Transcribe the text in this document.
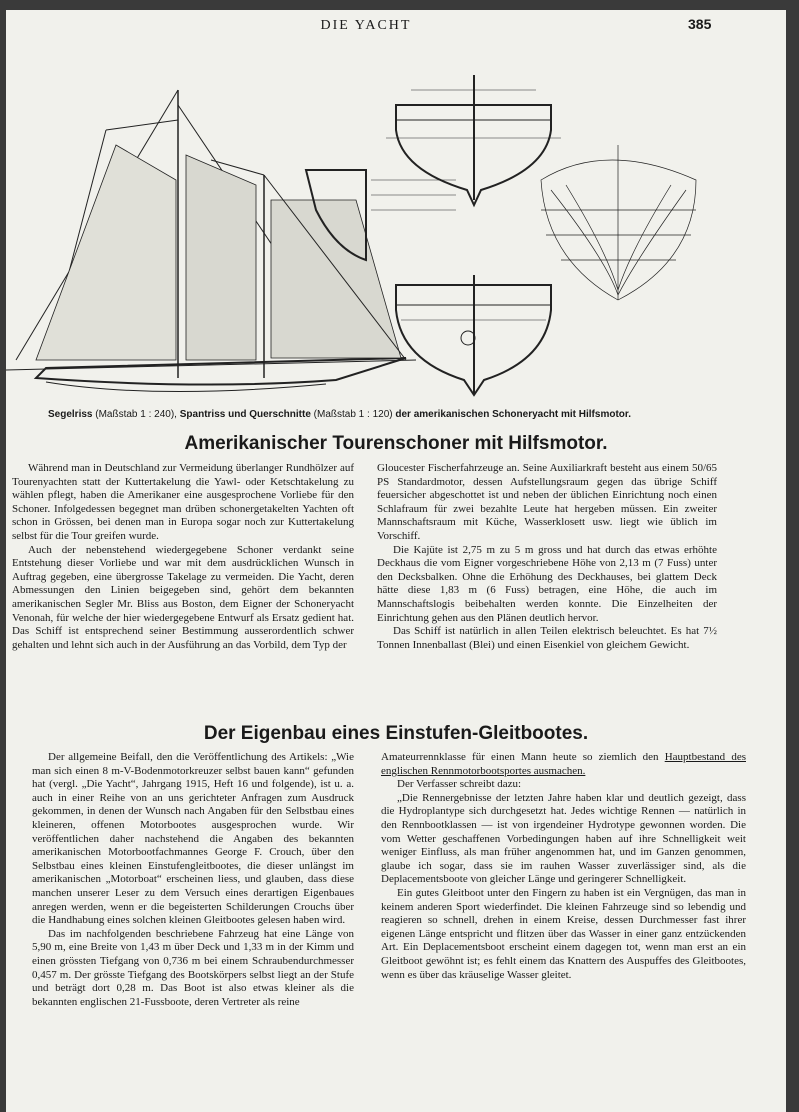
DIE YACHT	385
Segelriss (Maßstab 1 : 240), Spantriss und Querschnitte (Maßstab 1 : 120) der amerikanischen Schoneryacht mit Hilfsmotor.
Amerikanischer Tourenschoner mit Hilfsmotor.

Während man in Deutschland zur Vermeidung überlanger Rundhölzer auf Tourenyachten statt der Kuttertakelung die Yawl- oder Ketschtakelung zu wählen pflegt, haben die Amerikaner eine ausgesprochene Vorliebe für den Schoner. Infolgedessen begegnet man drüben schonergetakelten Yachten oft schon in Grössen, bei denen man in Europa sogar noch zur Kuttertakelung selbst für die Tour greifen wurde.

Auch der nebenstehend wiedergegebene Schoner verdankt seine Entstehung dieser Vorliebe und war mit dem ausdrücklichen Wunsch in Auftrag gegeben, eine übergrosse Takelage zu vermeiden. Die Yacht, deren Abmessungen den Linien beigegeben sind, gehört dem bekannten amerikanischen Segler Mr. Bliss aus Boston, dem Eigner der Schoneryacht Venonah, für welche der hier wiedergegebene Entwurf als Ersatz gedient hat. Das Schiff ist entsprechend seiner Bestimmung ausserordentlich schwer gehalten und lehnt sich auch in der Ausführung an das Vorbild, dem Typ der

Gloucester Fischerfahrzeuge an. Seine Auxiliarkraft besteht aus einem 50/65 PS Standardmotor, dessen Aufstellungsraum gegen das übrige Schiff feuersicher abgeschottet ist und neben der üblichen Einrichtung noch einen Schlafraum für zwei bezahlte Leute hat hergeben müssen. Ein zweiter Mannschaftsraum mit Küche, Wasserklosett usw. liegt wie üblich im Vorschiff.

Die Kajüte ist 2,75 m zu 5 m gross und hat durch das etwas erhöhte Deckhaus die vom Eigner vorgeschriebene Höhe von 2,13 m (7 Fuss) unter den Decksbalken. Ohne die Erhöhung des Deckhauses, bei glattem Deck hätte diese 1,83 m (6 Fuss) betragen, eine Höhe, die auch im Mannschaftslogis beibehalten werden konnte. Die Einzelheiten der Einrichtung gehen aus den Plänen deutlich hervor.

Das Schiff ist natürlich in allen Teilen elektrisch beleuchtet. Es hat 7½ Tonnen Innenballast (Blei) und einen Eisenkiel von gleichem Gewicht.

Der Eigenbau eines Einstufen-Gleitbootes.

Der allgemeine Beifall, den die Veröffentlichung des Artikels: „Wie man sich einen 8 m-V-Bodenmotorkreuzer selbst bauen kann“ gefunden hat (vergl. „Die Yacht“, Jahrgang 1915, Heft 16 und folgende), ist u. a. auch in einer Reihe von an uns gerichteter Anfragen zum Ausdruck gekommen, in denen der Wunsch nach Angaben für den Selbstbau eines kleineren, offenen Motorbootes ausgesprochen wurde. Wir veröffentlichen daher nachstehend die Angaben des bekannten amerikanischen Motorbootfachmannes George F. Crouch, über den Selbstbau eines kleinen Einstufengleitbootes, die dieser unlängst im amerikanischen „Motorboat“ erscheinen liess, und glauben, dass diese manchen unserer Leser zu dem Versuch eines derartigen Eigenbaues anregen werden, wenn er die begeisterten Schilderungen Crouchs über die Handhabung eines solchen kleinen Gleitbootes gelesen haben wird.

Das im nachfolgenden beschriebene Fahrzeug hat eine Länge von 5,90 m, eine Breite von 1,43 m über Deck und 1,33 m in der Kimm und einen grössten Tiefgang von 0,736 m bei einem Schraubendurchmesser 0,457 m. Der grösste Tiefgang des Bootskörpers selbst liegt an der Stufe und beträgt dort 0,28 m. Das Boot ist also etwas kleiner als die bekannten englischen 21-Fussboote, deren Vertreter als reine

Amateurrennklasse für einen Mann heute so ziemlich den Hauptbestand des englischen Rennmotorbootsportes ausmachen.

Der Verfasser schreibt dazu:

„Die Rennergebnisse der letzten Jahre haben klar und deutlich gezeigt, dass die Hydroplantype sich durchgesetzt hat. Jedes wichtige Rennen — natürlich in den Rennbootklassen — ist von irgendeiner Hydrotype gewonnen worden. Die vom Wetter geschaffenen Vorbedingungen haben auf ihre Schnelligkeit weit weniger Einfluss, als man früher angenommen hat, und im Ganzen genommen, glaube ich sogar, dass sie im rauhen Wasser zuverlässiger sind, als die Deplacementsboote von gleicher Länge und geringerer Schnelligkeit.

Ein gutes Gleitboot unter den Fingern zu haben ist ein Vergnügen, das man in keinem anderen Sport wiederfindet. Die kleinen Fahrzeuge sind so lebendig und reagieren so schnell, drehen in einem Kreise, dessen Durchmesser fast ihrer eigenen Länge entspricht und flitzen über das Wasser in einer ganz entzückenden Art. Ein Deplacementsboot erscheint einem dagegen tot, wenn man erst an ein Gleitboot gewöhnt ist; es fehlt einem das Knattern des Auspuffes des Gleitbootes, wenn es über das kräuselige Wasser gleitet.
